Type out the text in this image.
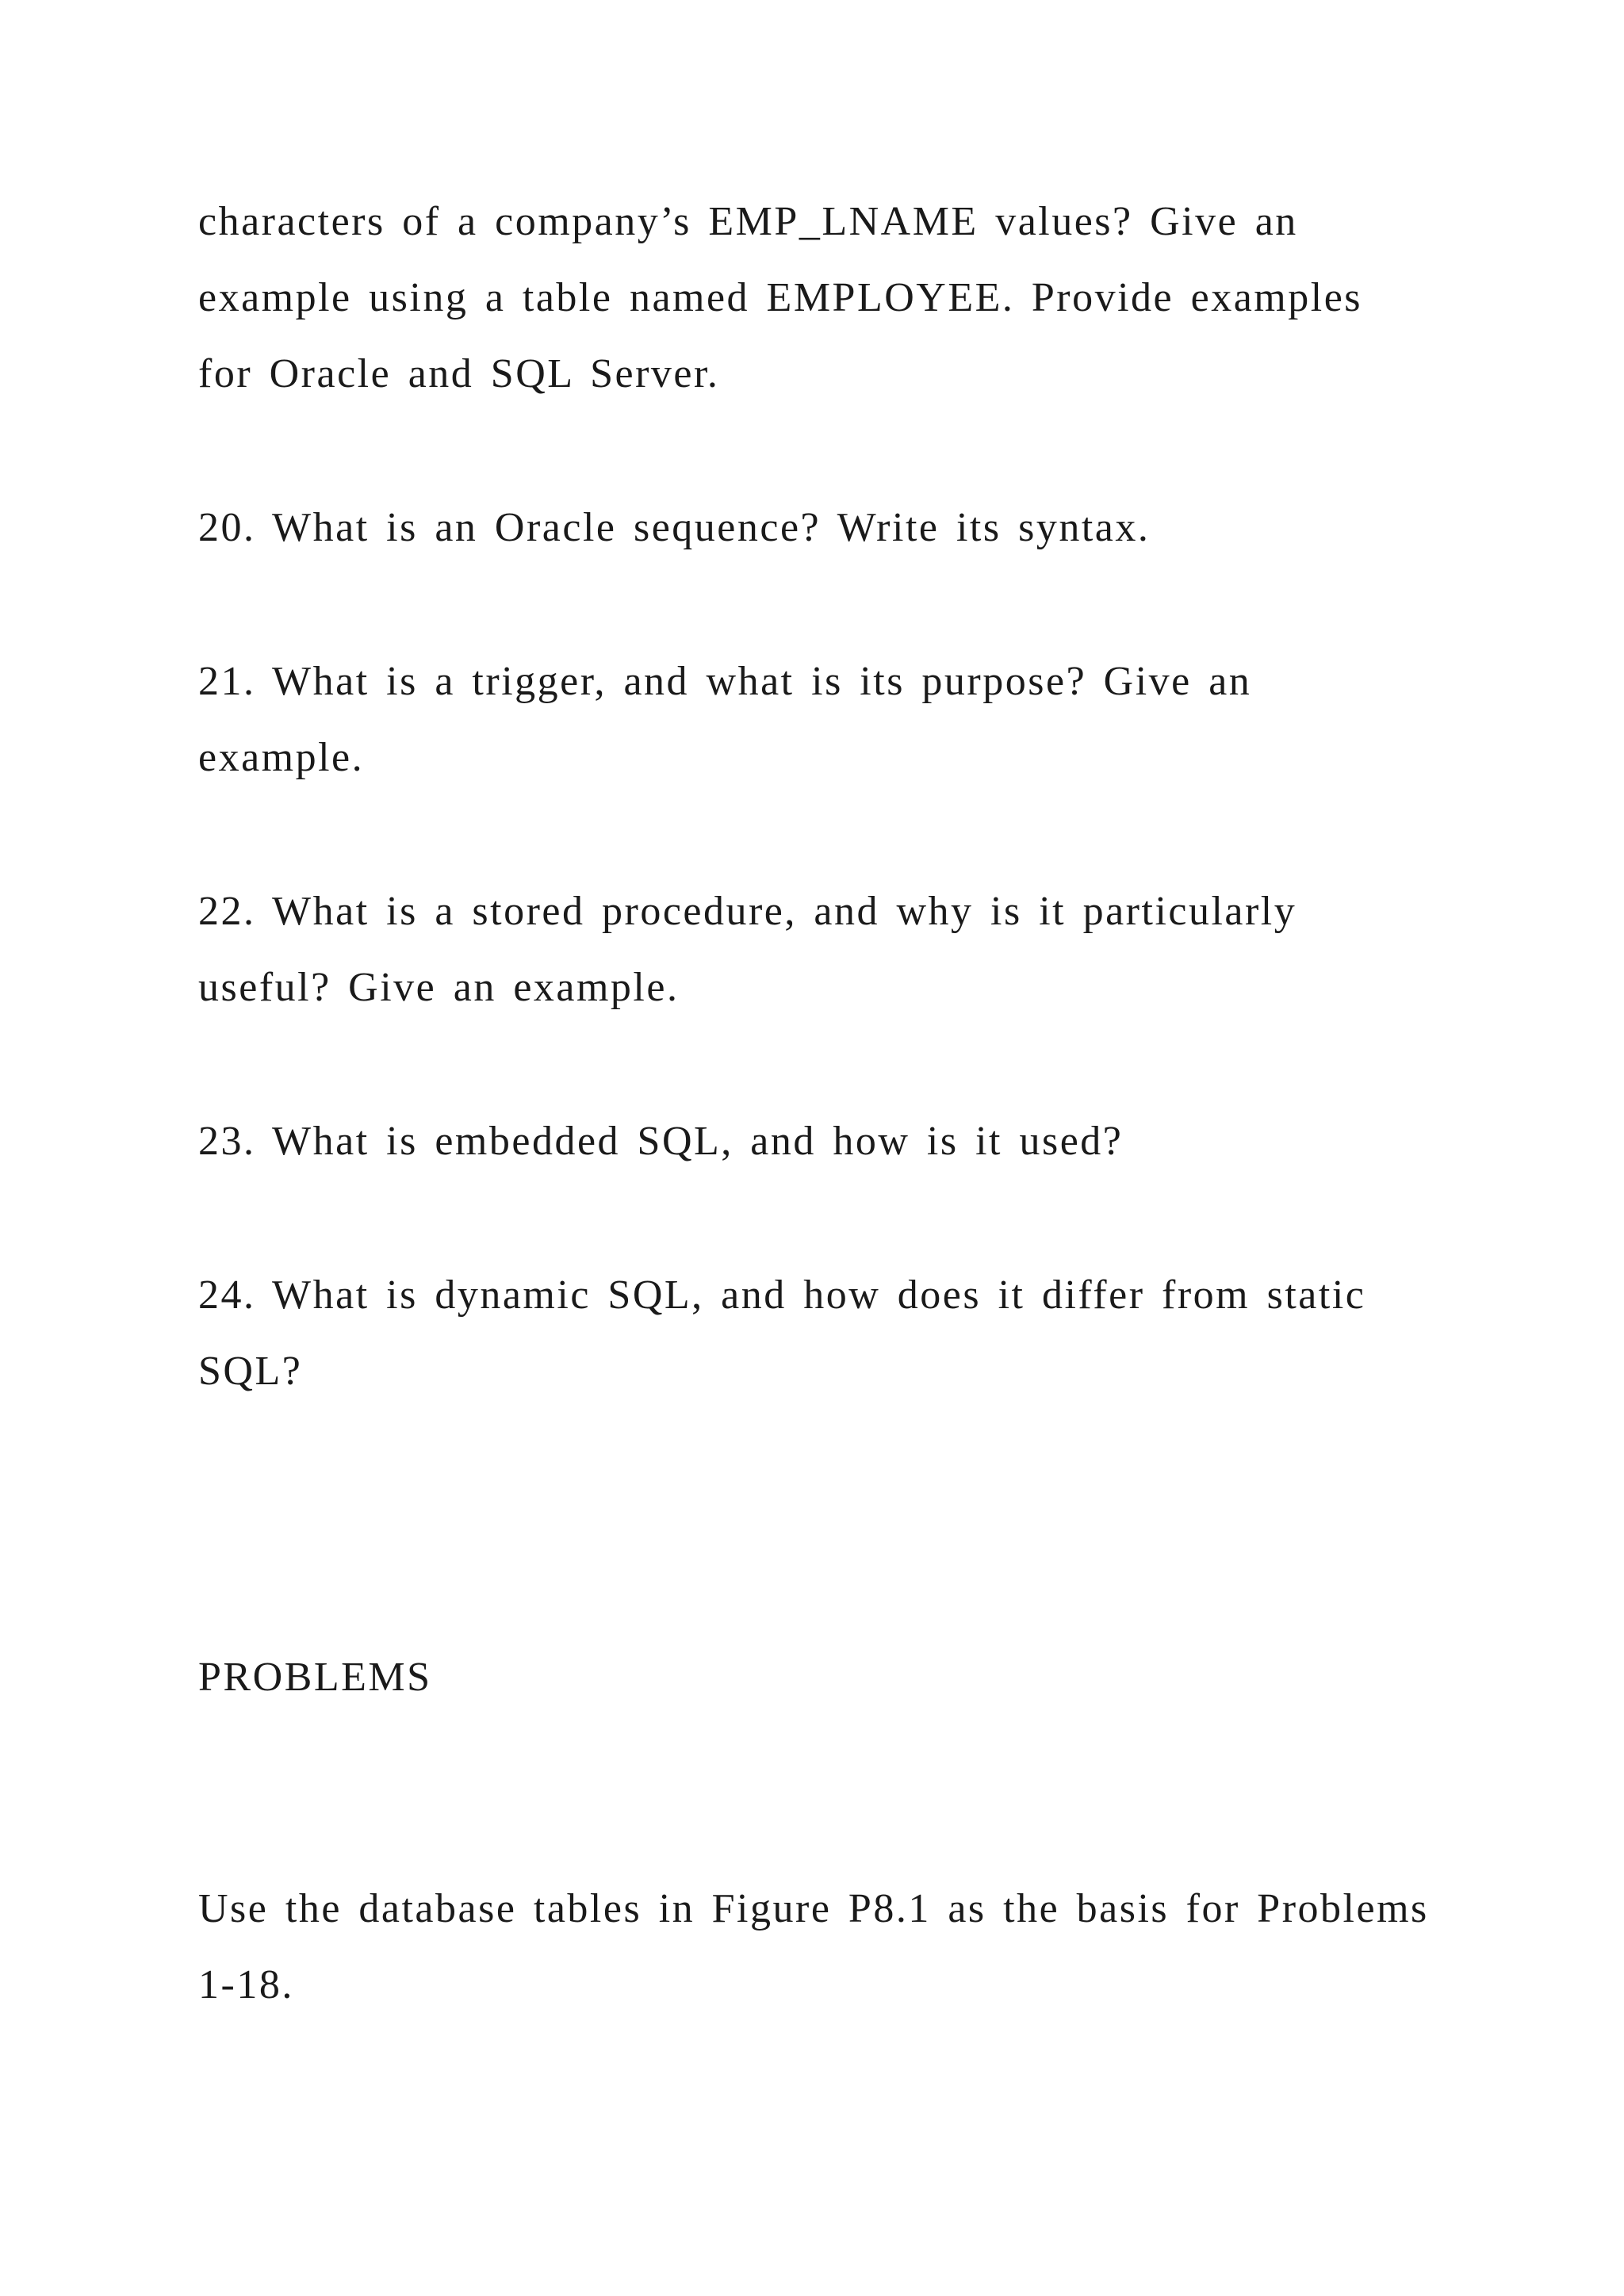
characters of a company’s EMP_LNAME values? Give an
example using a table named EMPLOYEE. Provide examples
for Oracle and SQL Server.

20. What is an Oracle sequence? Write its syntax.

21. What is a trigger, and what is its purpose? Give an
example.

22. What is a stored procedure, and why is it particularly
useful? Give an example.

23. What is embedded SQL, and how is it used?

24. What is dynamic SQL, and how does it differ from static
SQL?

PROBLEMS

Use the database tables in Figure P8.1 as the basis for Problems
1-18.
